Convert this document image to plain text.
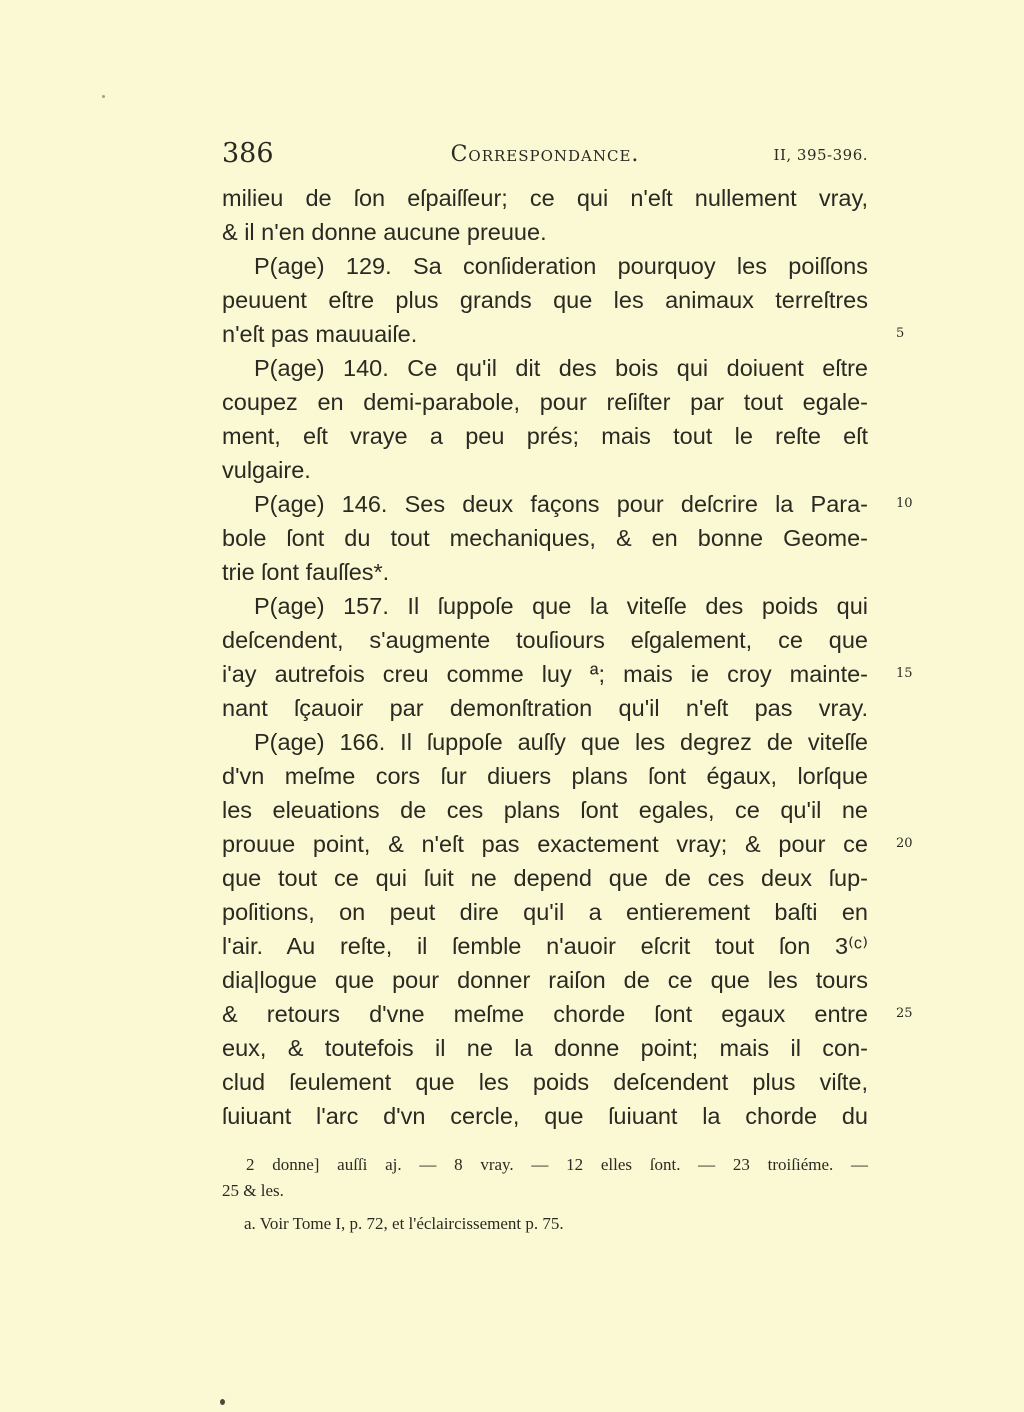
386	Correspondance.	II, 395-396.
milieu de ſon eſpaiſſeur; ce qui n'eſt nullement vray,
& il n'en donne aucune preuue.
P(age) 129. Sa conſideration pourquoy les poiſſons
peuuent eſtre plus grands que les animaux terreſtres
n'eſt pas mauuaiſe.	5
P(age) 140. Ce qu'il dit des bois qui doiuent eſtre
coupez en demi-parabole, pour reſiſter par tout egale-
ment, eſt vraye a peu prés; mais tout le reſte eſt
vulgaire.
P(age) 146. Ses deux façons pour deſcrire la Para- 10
bole ſont du tout mechaniques, & en bonne Geome-
trie ſont fauſſes*.
P(age) 157. Il ſuppoſe que la viteſſe des poids qui
deſcendent, s'augmente touſiours eſgalement, ce que
i'ay autrefois creu comme luy ª; mais ie croy mainte- 15
nant ſçauoir par demonſtration qu'il n'eſt pas vray.
P(age) 166. Il ſuppoſe auſſy que les degrez de viteſſe
d'vn meſme cors ſur diuers plans ſont égaux, lorſque
les eleuations de ces plans ſont egales, ce qu'il ne
prouue point, & n'eſt pas exactement vray; & pour ce 20
que tout ce qui ſuit ne depend que de ces deux ſup-
poſitions, on peut dire qu'il a entierement baſti en
l'air. Au reſte, il ſemble n'auoir eſcrit tout ſon 3⁽ᶜ⁾
dia|logue que pour donner raiſon de ce que les tours
& retours d'vne meſme chorde ſont egaux entre 25
eux, & toutefois il ne la donne point; mais il con-
clud ſeulement que les poids deſcendent plus viſte,
ſuiuant l'arc d'vn cercle, que ſuiuant la chorde du
2 donne] auſſi aj. — 8 vray. — 12 elles ſont. — 23 troiſiéme. —
25 & les.
a. Voir Tome I, p. 72, et l'éclaircissement p. 75.
